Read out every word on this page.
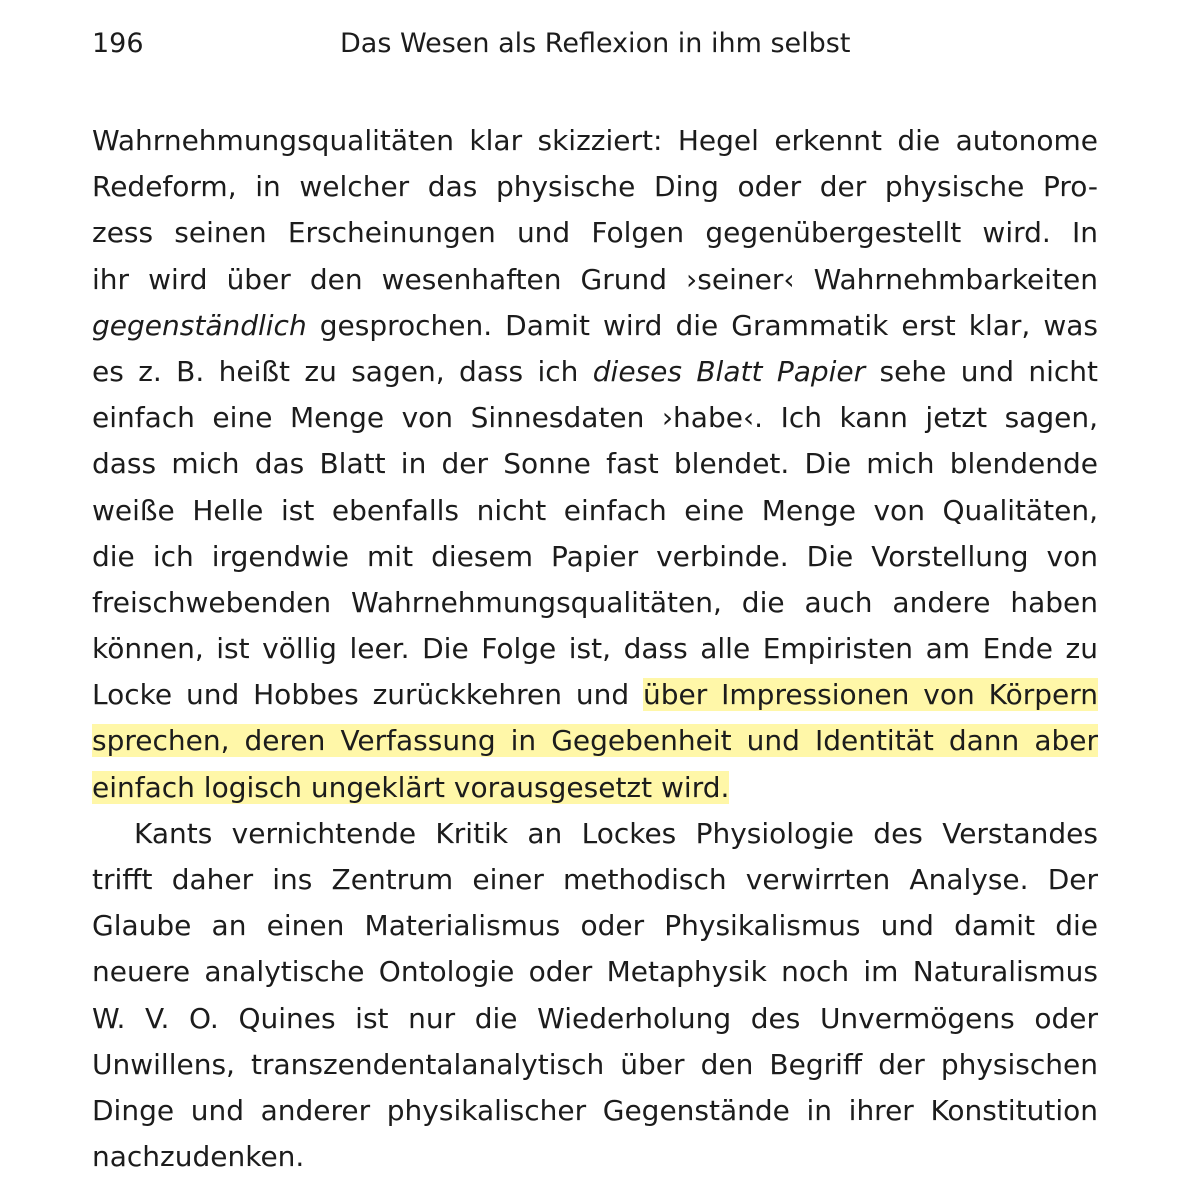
196	Das Wesen als Reflexion in ihm selbst
Wahrnehmungsqualitäten klar skizziert: Hegel erkennt die autonome
Redeform, in welcher das physische Ding oder der physische Pro-
zess seinen Erscheinungen und Folgen gegenübergestellt wird. In
ihr wird über den wesenhaften Grund ›seiner‹ Wahrnehmbarkeiten
gegenständlich gesprochen. Damit wird die Grammatik erst klar, was
es z. B. heißt zu sagen, dass ich dieses Blatt Papier sehe und nicht
einfach eine Menge von Sinnesdaten ›habe‹. Ich kann jetzt sagen,
dass mich das Blatt in der Sonne fast blendet. Die mich blendende
weiße Helle ist ebenfalls nicht einfach eine Menge von Qualitäten,
die ich irgendwie mit diesem Papier verbinde. Die Vorstellung von
freischwebenden Wahrnehmungsqualitäten, die auch andere haben
können, ist völlig leer. Die Folge ist, dass alle Empiristen am Ende zu
Locke und Hobbes zurückkehren und über Impressionen von Körpern
sprechen, deren Verfassung in Gegebenheit und Identität dann aber
einfach logisch ungeklärt vorausgesetzt wird.
Kants vernichtende Kritik an Lockes Physiologie des Verstandes
trifft daher ins Zentrum einer methodisch verwirrten Analyse. Der
Glaube an einen Materialismus oder Physikalismus und damit die
neuere analytische Ontologie oder Metaphysik noch im Naturalismus
W. V. O. Quines ist nur die Wiederholung des Unvermögens oder
Unwillens, transzendentalanalytisch über den Begriff der physischen
Dinge und anderer physikalischer Gegenstände in ihrer Konstitution
nachzudenken.
